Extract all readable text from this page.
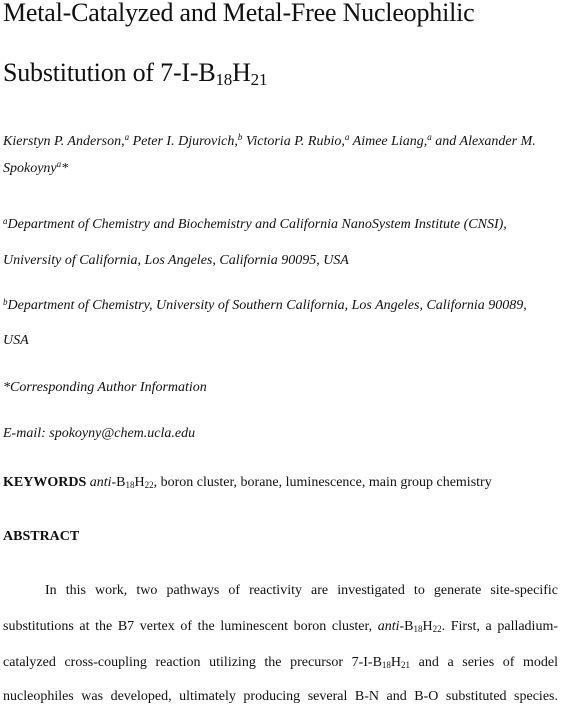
Metal-Catalyzed and Metal-Free Nucleophilic
Substitution of $7-I-B_{18}H_{21}$
Kierstyn P. Anderson,$^a$ Peter I. Djurovich,$^b$ Victoria P. Rubio,$^a$ Aimee Liang,$^a$ and Alexander M.
Spokoyny$^a$*
$^a$Department of Chemistry and Biochemistry and California NanoSystem Institute (CNSI),
University of California, Los Angeles, California 90095, USA
$^b$Department of Chemistry, University of Southern California, Los Angeles, California 90089,
USA
*Corresponding Author Information
E-mail: spokoyny@chem.ucla.edu
KEYWORDS anti-$B_{18}H_{22}$, boron cluster, borane, luminescence, main group chemistry
ABSTRACT
In this work, two pathways of reactivity are investigated to generate site-specific
substitutions at the B7 vertex of the luminescent boron cluster, anti-$B_{18}H_{22}$. First, a palladium-
catalyzed cross-coupling reaction utilizing the precursor $7-I-B_{18}H_{21}$ and a series of model
nucleophiles was developed, ultimately producing several B-N and B-O substituted species.
